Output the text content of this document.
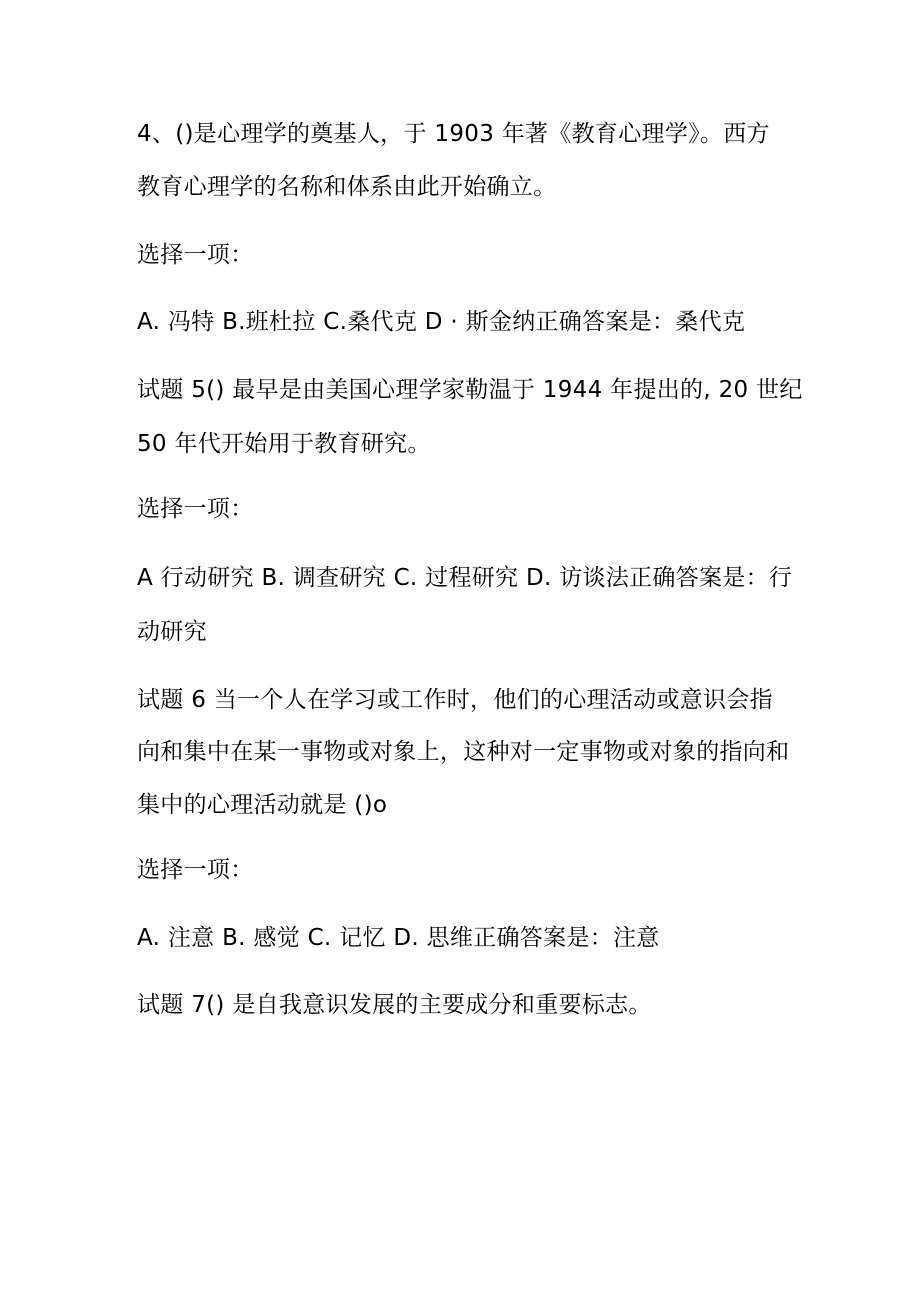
4、()是心理学的奠基人，于 1903 年著《教育心理学》。西方
教育心理学的名称和体系由此开始确立。
选择一项：
A. 冯特 B.班杜拉 C.桑代克 D · 斯金纳正确答案是：桑代克
试题 5() 最早是由美国心理学家勒温于 1944 年提出的, 20 世纪
50 年代开始用于教育研究。
选择一项：
A 行动研究 B. 调查研究 C. 过程研究 D. 访谈法正确答案是：行
动研究
试题 6 当一个人在学习或工作时，他们的心理活动或意识会指
向和集中在某一事物或对象上，这种对一定事物或对象的指向和
集中的心理活动就是 ()o
选择一项：
A. 注意 B. 感觉 C. 记忆 D. 思维正确答案是：注意
试题 7() 是自我意识发展的主要成分和重要标志。
